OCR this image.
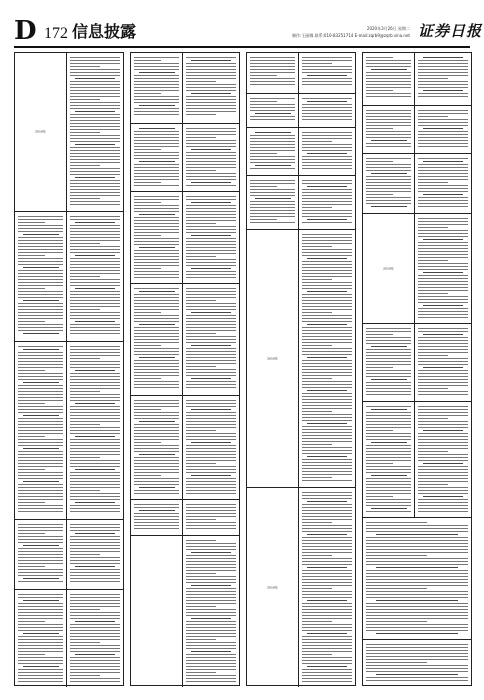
D 172 信息披露	2020年3月26日 星期二
制作:王丽娜 联系:010-83251714 E-mail:zqrb9@zqrb.sina.net 证券日报
2019年
2019年
2019年
2019年
